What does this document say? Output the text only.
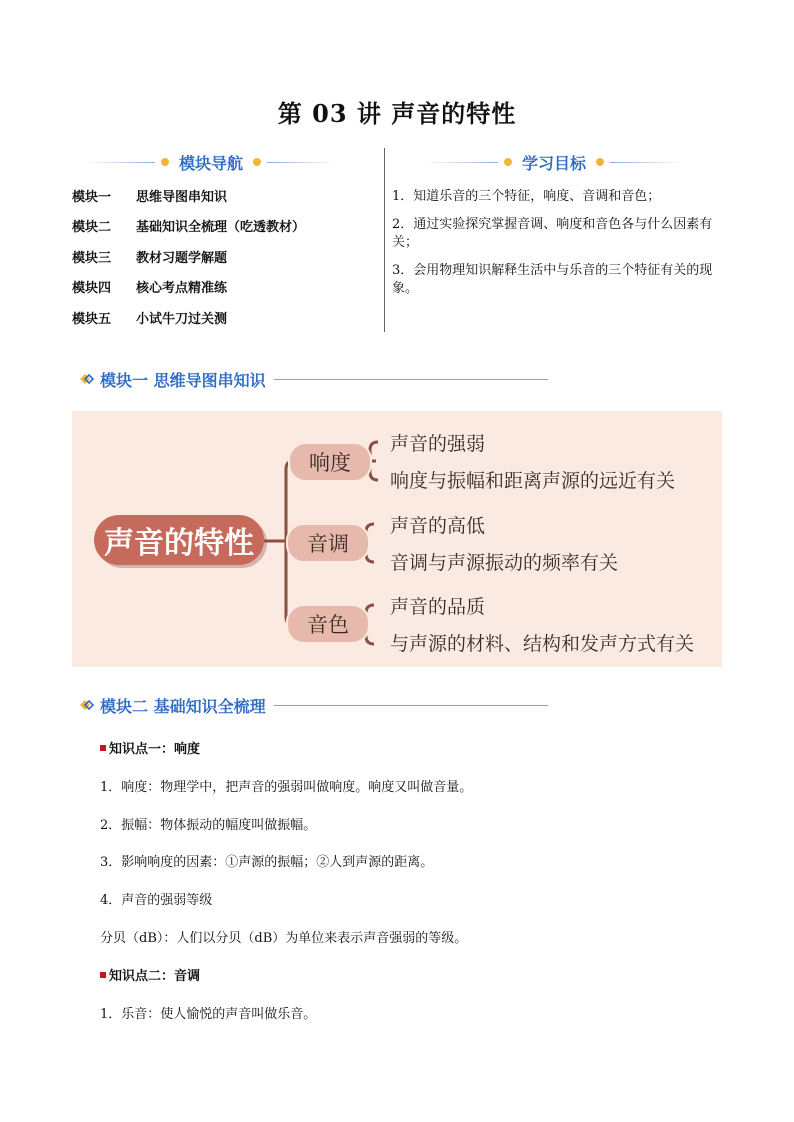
第 03 讲 声音的特性
模块导航
模块一	思维导图串知识
模块二	基础知识全梳理（吃透教材）
模块三	教材习题学解题
模块四	核心考点精准练
模块五	小试牛刀过关测
学习目标

1．知道乐音的三个特征，响度、音调和音色；

2．通过实验探究掌握音调、响度和音色各与什么因素有关；

3．会用物理知识解释生活中与乐音的三个特征有关的现象。

模块一 思维导图串知识
声音的特性
响度
声音的强弱
响度与振幅和距离声源的远近有关
音调
声音的高低
音调与声源振动的频率有关
音色
声音的品质
与声源的材料、结构和发声方式有关
模块二 基础知识全梳理
知识点一：响度
1．响度：物理学中，把声音的强弱叫做响度。响度又叫做音量。
2．振幅：物体振动的幅度叫做振幅。
3．影响响度的因素：①声源的振幅；②人到声源的距离。
4．声音的强弱等级
分贝（dB）：人们以分贝（dB）为单位来表示声音强弱的等级。
知识点二：音调
1．乐音：使人愉悦的声音叫做乐音。
